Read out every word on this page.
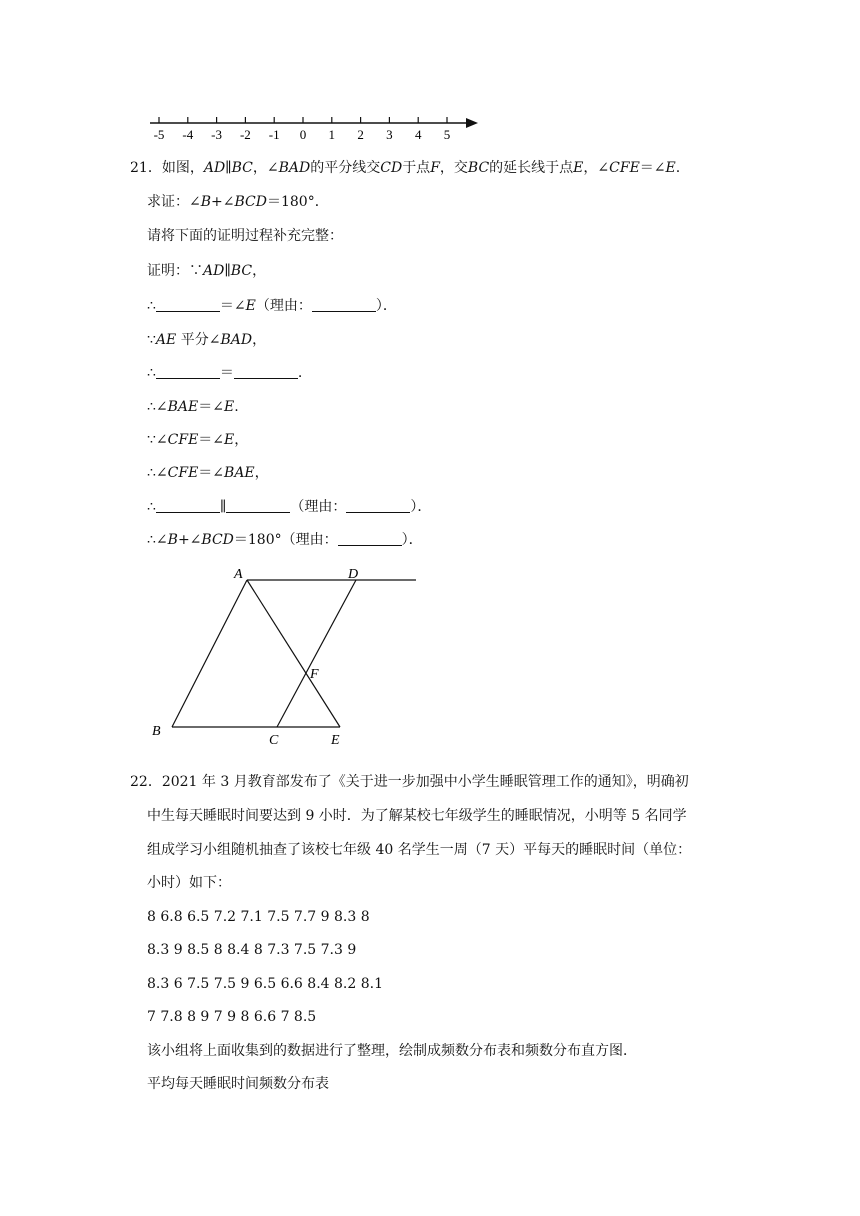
-5 -4 -3 -2 -1 0 1 2 3 4 5
21．如图，AD∥BC，∠BAD的平分线交CD于点F，交BC的延长线于点E，∠CFE＝∠E.
求证：∠B+∠BCD＝180°．
请将下面的证明过程补充完整：
证明：∵AD∥BC，
∴	＝∠E（理由：	）．
∵AE 平分∠BAD，
∴	＝	.
∴∠BAE＝∠E.
∵∠CFE＝∠E，
∴∠CFE＝∠BAE，
∴	∥	（理由：	）．
∴∠B+∠BCD＝180°（理由：	）．
A	D
F
B
C	E
22．2021 年 3 月教育部发布了《关于进一步加强中小学生睡眠管理工作的通知》，明确初
中生每天睡眠时间要达到 9 小时．为了解某校七年级学生的睡眠情况，小明等 5 名同学
组成学习小组随机抽查了该校七年级 40 名学生一周（7 天）平每天的睡眠时间（单位：
小时）如下：
8 6.8 6.5 7.2 7.1 7.5 7.7 9 8.3 8
8.3 9 8.5 8 8.4 8 7.3 7.5 7.3 9
8.3 6 7.5 7.5 9 6.5 6.6 8.4 8.2 8.1
7 7.8 8 9 7 9 8 6.6 7 8.5
该小组将上面收集到的数据进行了整理，绘制成频数分布表和频数分布直方图．
平均每天睡眠时间频数分布表
